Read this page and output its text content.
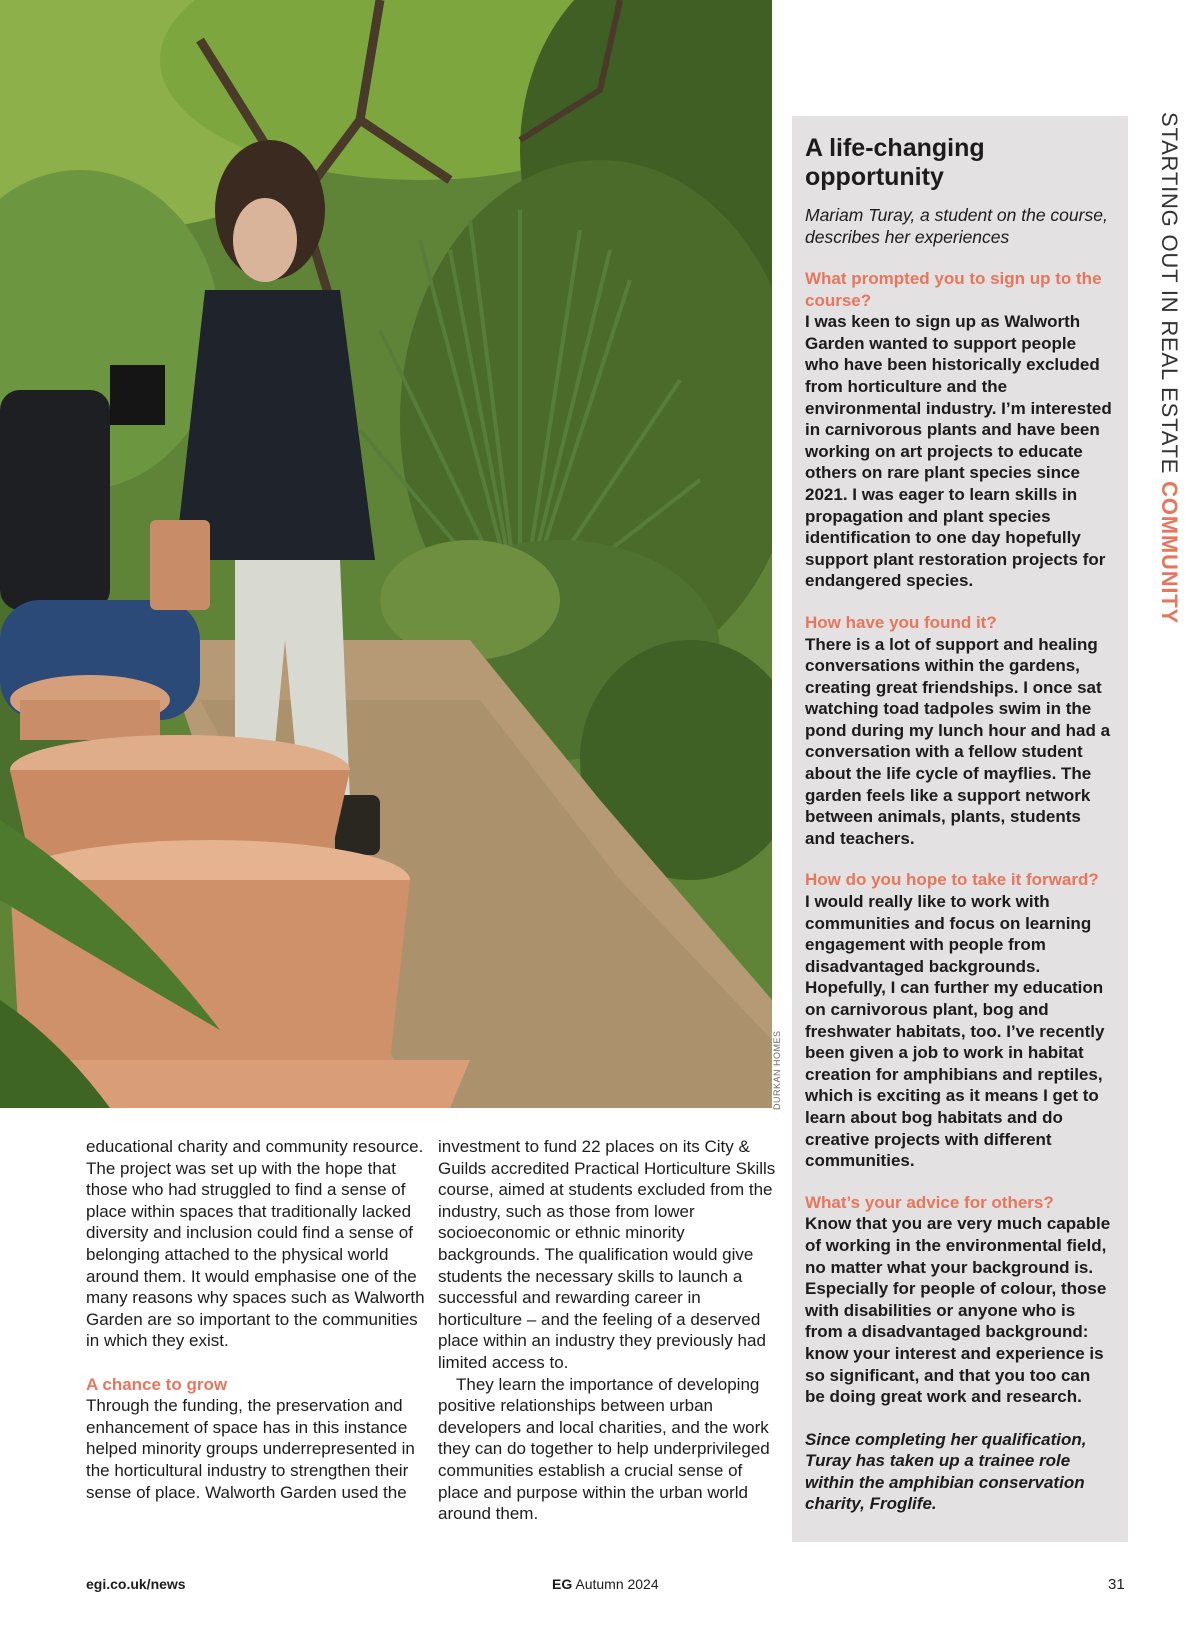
DURKAN HOMES
STARTING OUT IN REAL ESTATE COMMUNITY
A life-changing
opportunity
Mariam Turay, a student on the course, describes her experiences
What prompted you to sign up to the course?
I was keen to sign up as Walworth Garden wanted to support people who have been historically excluded from horticulture and the environmental industry. I’m interested in carnivorous plants and have been working on art projects to educate others on rare plant species since 2021. I was eager to learn skills in propagation and plant species identification to one day hopefully support plant restoration projects for endangered species.
How have you found it?
There is a lot of support and healing conversations within the gardens, creating great friendships. I once sat watching toad tadpoles swim in the pond during my lunch hour and had a conversation with a fellow student about the life cycle of mayflies. The garden feels like a support network between animals, plants, students and teachers.
How do you hope to take it forward?
I would really like to work with communities and focus on learning engagement with people from disadvantaged backgrounds. Hopefully, I can further my education on carnivorous plant, bog and freshwater habitats, too. I’ve recently been given a job to work in habitat creation for amphibians and reptiles, which is exciting as it means I get to learn about bog habitats and do creative projects with different communities.
What’s your advice for others?
Know that you are very much capable of working in the environmental field, no matter what your background is. Especially for people of colour, those with disabilities or anyone who is from a disadvantaged background: know your interest and experience is so significant, and that you too can be doing great work and research.
Since completing her qualification, Turay has taken up a trainee role within the amphibian conservation charity, Froglife.

educational charity and community resource. The project was set up with the hope that those who had struggled to find a sense of place within spaces that traditionally lacked diversity and inclusion could find a sense of belonging attached to the physical world around them. It would emphasise one of the many reasons why spaces such as Walworth Garden are so important to the communities in which they exist.

A chance to grow

Through the funding, the preservation and enhancement of space has in this instance helped minority groups underrepresented in the horticultural industry to strengthen their sense of place. Walworth Garden used the

investment to fund 22 places on its City & Guilds accredited Practical Horticulture Skills course, aimed at students excluded from the industry, such as those from lower socioeconomic or ethnic minority backgrounds. The qualification would give students the necessary skills to launch a successful and rewarding career in horticulture – and the feeling of a deserved place within an industry they previously had limited access to.

They learn the importance of developing positive relationships between urban developers and local charities, and the work they can do together to help underprivileged communities establish a crucial sense of place and purpose within the urban world around them.

egi.co.uk/news	EG Autumn 2024	31
